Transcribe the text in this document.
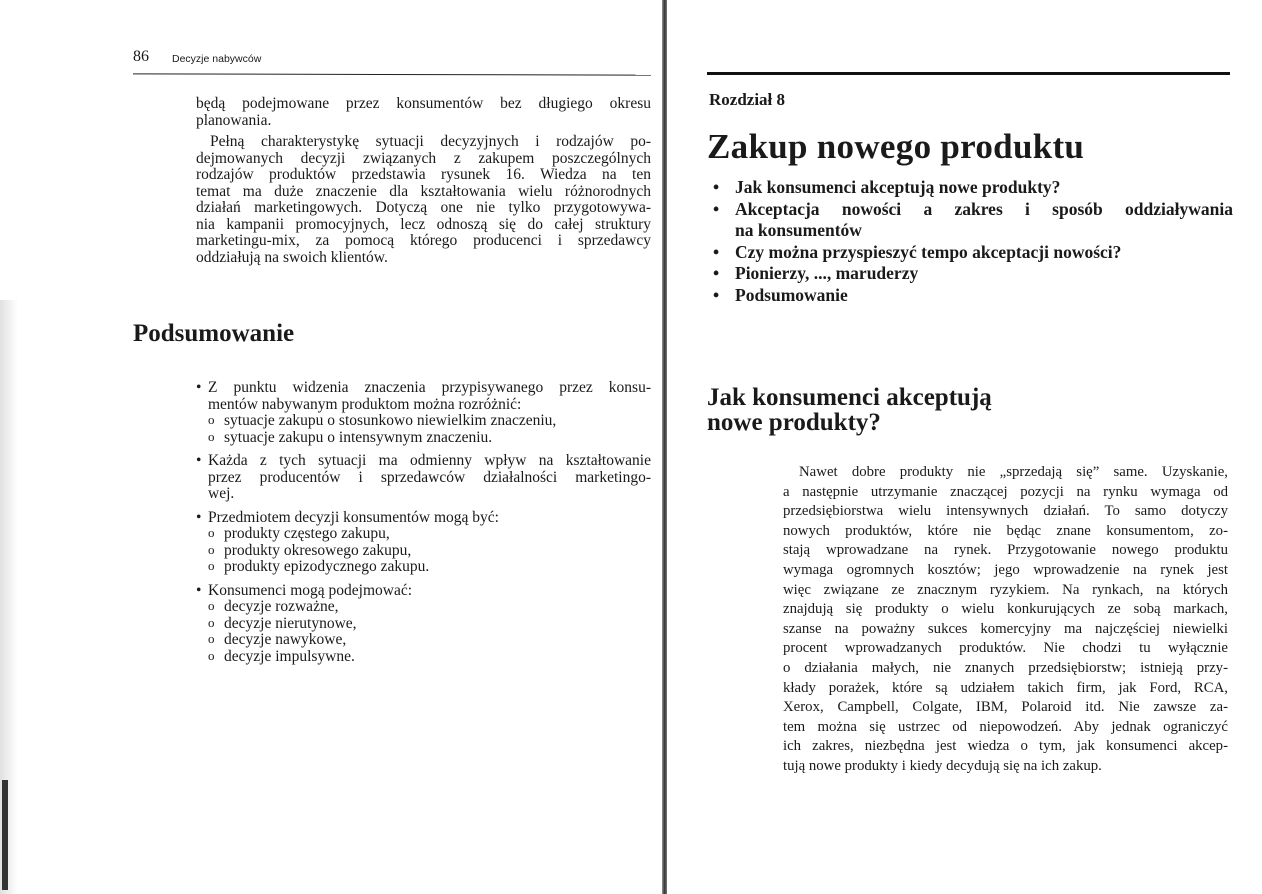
86 Decyzje nabywców
będą podejmowane przez konsumentów bez długiego okresu
planowania.
Pełną charakterystykę sytuacji decyzyjnych i rodzajów po-
dejmowanych decyzji związanych z zakupem poszczególnych
rodzajów produktów przedstawia rysunek 16. Wiedza na ten
temat ma duże znaczenie dla kształtowania wielu różnorodnych
działań marketingowych. Dotyczą one nie tylko przygotowywa-
nia kampanii promocyjnych, lecz odnoszą się do całej struktury
marketingu-mix, za pomocą którego producenci i sprzedawcy
oddziałują na swoich klientów.
Podsumowanie
• Z punktu widzenia znaczenia przypisywanego przez konsu-
mentów nabywanym produktom można rozróżnić:
o sytuacje zakupu o stosunkowo niewielkim znaczeniu,
o sytuacje zakupu o intensywnym znaczeniu.
• Każda z tych sytuacji ma odmienny wpływ na kształtowanie
przez producentów i sprzedawców działalności marketingo-
wej.
• Przedmiotem decyzji konsumentów mogą być:
o produkty częstego zakupu,
o produkty okresowego zakupu,
o produkty epizodycznego zakupu.
• Konsumenci mogą podejmować:
o decyzje rozważne,
o decyzje nierutynowe,
o decyzje nawykowe,
o decyzje impulsywne.
Rozdział 8
Zakup nowego produktu
• Jak konsumenci akceptują nowe produkty?
• Akceptacja nowości a zakres i sposób oddziaływania
na konsumentów
• Czy można przyspieszyć tempo akceptacji nowości?
• Pionierzy, ..., maruderzy
• Podsumowanie
Jak konsumenci akceptują
nowe produkty?
Nawet dobre produkty nie „sprzedają się” same. Uzyskanie,
a następnie utrzymanie znaczącej pozycji na rynku wymaga od
przedsiębiorstwa wielu intensywnych działań. To samo dotyczy
nowych produktów, które nie będąc znane konsumentom, zo-
stają wprowadzane na rynek. Przygotowanie nowego produktu
wymaga ogromnych kosztów; jego wprowadzenie na rynek jest
więc związane ze znacznym ryzykiem. Na rynkach, na których
znajdują się produkty o wielu konkurujących ze sobą markach,
szanse na poważny sukces komercyjny ma najczęściej niewielki
procent wprowadzanych produktów. Nie chodzi tu wyłącznie
o działania małych, nie znanych przedsiębiorstw; istnieją przy-
kłady porażek, które są udziałem takich firm, jak Ford, RCA,
Xerox, Campbell, Colgate, IBM, Polaroid itd. Nie zawsze za-
tem można się ustrzec od niepowodzeń. Aby jednak ograniczyć
ich zakres, niezbędna jest wiedza o tym, jak konsumenci akcep-
tują nowe produkty i kiedy decydują się na ich zakup.
